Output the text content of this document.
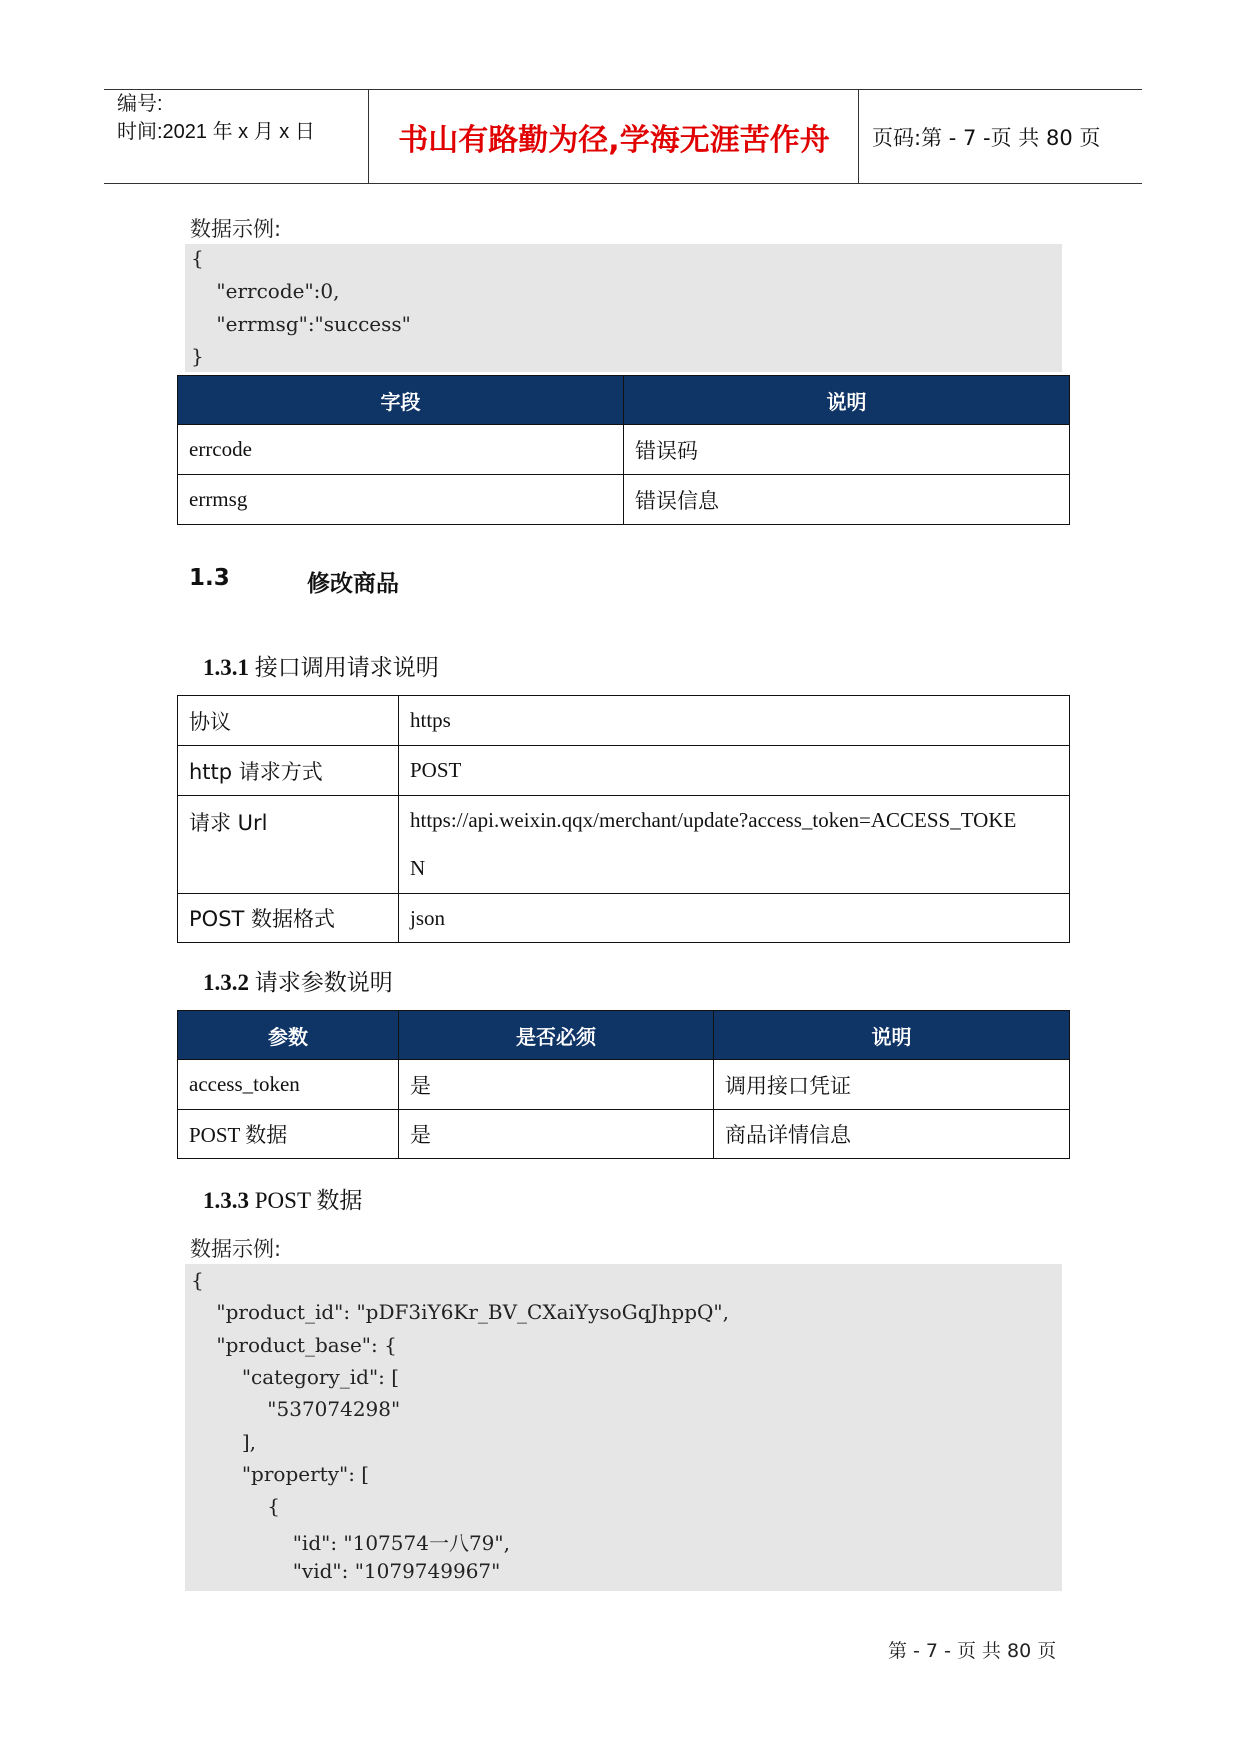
编号:
时间:2021 年 x 月 x 日	书山有路勤为径,学海无涯苦作舟	页码:第 - 7 -页 共 80 页
数据示例:
{
"errcode":0,
"errmsg":"success"
}
字段	说明
errcode	错误码
errmsg	错误信息
1.3	修改商品
1.3.1 接口调用请求说明
协议	https
http 请求方式	POST
请求 Url	https://api.weixin.qqx/merchant/update?access_token=ACCESS_TOKE
N

POST 数据格式	json
1.3.2 请求参数说明
参数	是否必须	说明
access_token	是	调用接口凭证
POST 数据	是	商品详情信息
1.3.3 POST 数据
数据示例:
{
"product_id": "pDF3iY6Kr_BV_CXaiYysoGqJhppQ",
"product_base": {
"category_id": [
"537074298"
],
"property": [
{
"id": "107574一八79",
"vid": "1079749967"
第 - 7 - 页 共 80 页
